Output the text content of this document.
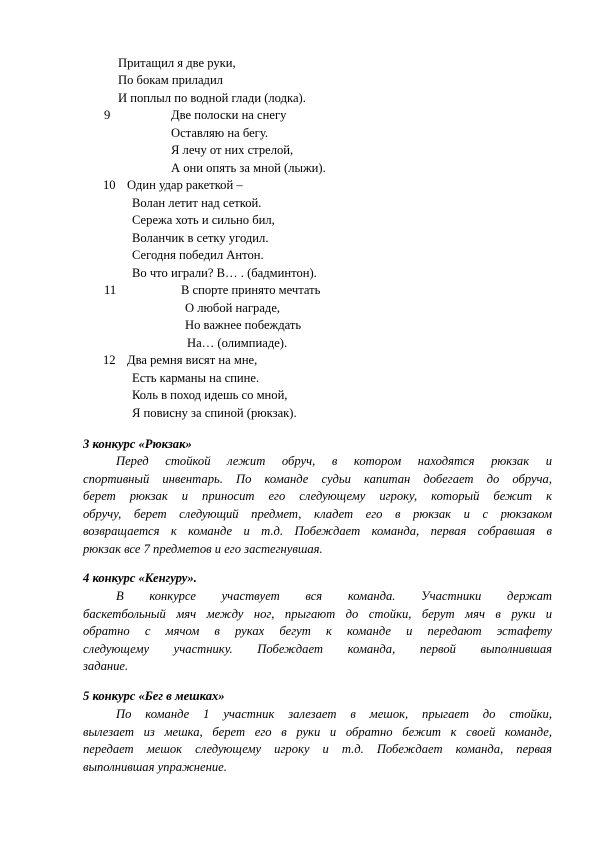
Притащил я две руки,
По бокам приладил
И поплыл по водной глади (лодка).
9	Две полоски на снегу
Оставляю на бегу.
Я лечу от них стрелой,
А они опять за мной (лыжи).
10 Один удар ракеткой –
Волан летит над сеткой.
Сережа хоть и сильно бил,
Воланчик в сетку угодил.
Сегодня победил Антон.
Во что играли? В… . (бадминтон).
11	В спорте принято мечтать
О любой награде,
Но важнее побеждать
На… (олимпиаде).
12 Два ремня висят на мне,
Есть карманы на спине.
Коль в поход идешь со мной,
Я повисну за спиной (рюкзак).
3 конкурс «Рюкзак»
Перед стойкой лежит обруч, в котором находятся рюкзак и
спортивный инвентарь. По команде судьи капитан добегает до обруча,
берет рюкзак и приносит его следующему игроку, который бежит к
обручу, берет следующий предмет, кладет его в рюкзак и с рюкзаком
возвращается к команде и т.д. Побеждает команда, первая собравшая в
рюкзак все 7 предметов и его застегнувшая.
4 конкурс «Кенгуру».
В конкурсе участвует вся команда. Участники держат
баскетбольный мяч между ног, прыгают до стойки, берут мяч в руки и
обратно с мячом в руках бегут к команде и передают эстафету
следующему участнику. Побеждает команда, первой выполнившая
задание.
5 конкурс «Бег в мешках»
По команде 1 участник залезает в мешок, прыгает до стойки,
вылезает из мешка, берет его в руки и обратно бежит к своей команде,
передает мешок следующему игроку и т.д. Побеждает команда, первая
выполнившая упражнение.
